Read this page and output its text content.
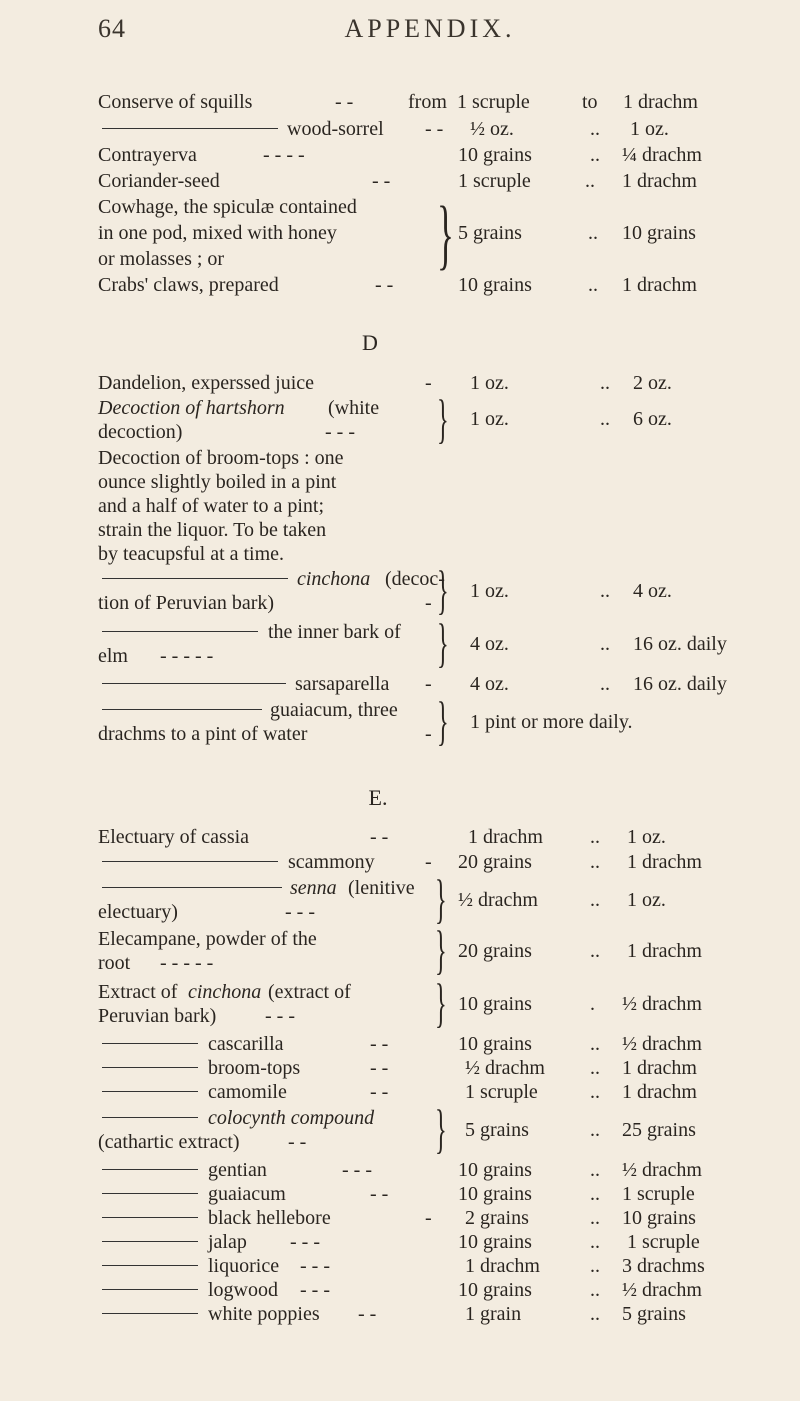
64	APPENDIX.
Conserve of squills	- -	from 1 scruple	to 1 drachm
wood-sorrel - - ½ oz.	.. 1 oz.
Contrayerva	- - - -	10 grains	.. ¼ drachm
Coriander-seed	- -	1 scruple	.. 1 drachm
Cowhage, the spiculæ contained
in one pod, mixed with honey	5 grains	.. 10 grains
or molasses ; or	}
Crabs' claws, prepared	- -	10 grains	.. 1 drachm
D
Dandelion, experssed juice	- 1 oz.	.. 2 oz.
Decoction of hartshorn (white
decoction)	- - - } 1 oz.	.. 6 oz.
Decoction of broom-tops : one
ounce slightly boiled in a pint
and a half of water to a pint;
strain the liquor. To be taken
by teacupsful at a time.
cinchona (decoc-
tion of Peruvian bark)	- } 1 oz.	.. 4 oz.
the inner bark of
elm - - - - -	} 4 oz.	.. 16 oz. daily
sarsaparella - 4 oz.	.. 16 oz. daily
guaiacum, three
drachms to a pint of water	- } 1 pint or more daily.
E.
Electuary of cassia	- -	1 drachm .. 1 oz.
scammony	- 20 grains	.. 1 drachm
senna (lenitive
electuary)	- - - } ½ drachm	.. 1 oz.
Elecampane, powder of the
root - - - - -	} 20 grains	.. 1 drachm
Extract of cinchona (extract of
Peruvian bark) - - -	} 10 grains	. ½ drachm
cascarilla	- -	10 grains	.. ½ drachm
broom-tops	- -	½ drachm .. 1 drachm
camomile	- -	1 scruple	.. 1 drachm
colocynth compound
(cathartic extract) - - } 5 grains	.. 25 grains
gentian	- - -	10 grains	.. ½ drachm
guaiacum	- -	10 grains	.. 1 scruple
black hellebore	- 2 grains	.. 10 grains
jalap - - -	10 grains	.. 1 scruple
liquorice - - -	1 drachm	.. 3 drachms
logwood - - -	10 grains	.. ½ drachm
white poppies - -	1 grain	.. 5 grains
